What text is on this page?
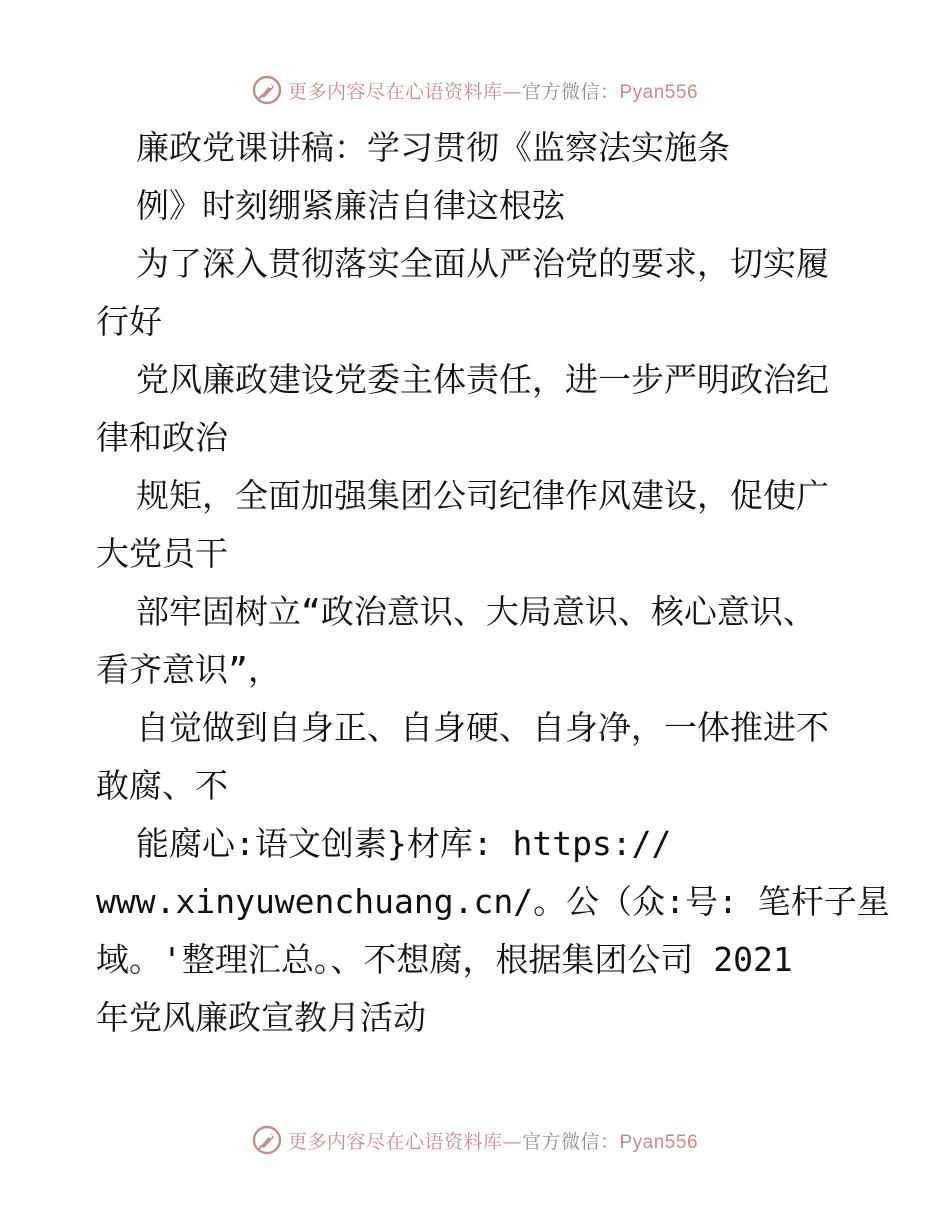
更多内容尽在心语资料库—官方微信：Pyan556
廉政党课讲稿：学习贯彻《监察法实施条
例》时刻绷紧廉洁自律这根弦
为了深入贯彻落实全面从严治党的要求，切实履
行好
党风廉政建设党委主体责任，进一步严明政治纪
律和政治
规矩，全面加强集团公司纪律作风建设，促使广
大党员干
部牢固树立“政治意识、大局意识、核心意识、
看齐意识”，
自觉做到自身正、自身硬、自身净，一体推进不
敢腐、不
能腐心:语文创素}材库: https://
www.xinyuwenchuang.cn/。公（众:号: 笔杆子星
域。'整理汇总。、不想腐，根据集团公司 2021
年党风廉政宣教月活动
更多内容尽在心语资料库—官方微信：Pyan556
